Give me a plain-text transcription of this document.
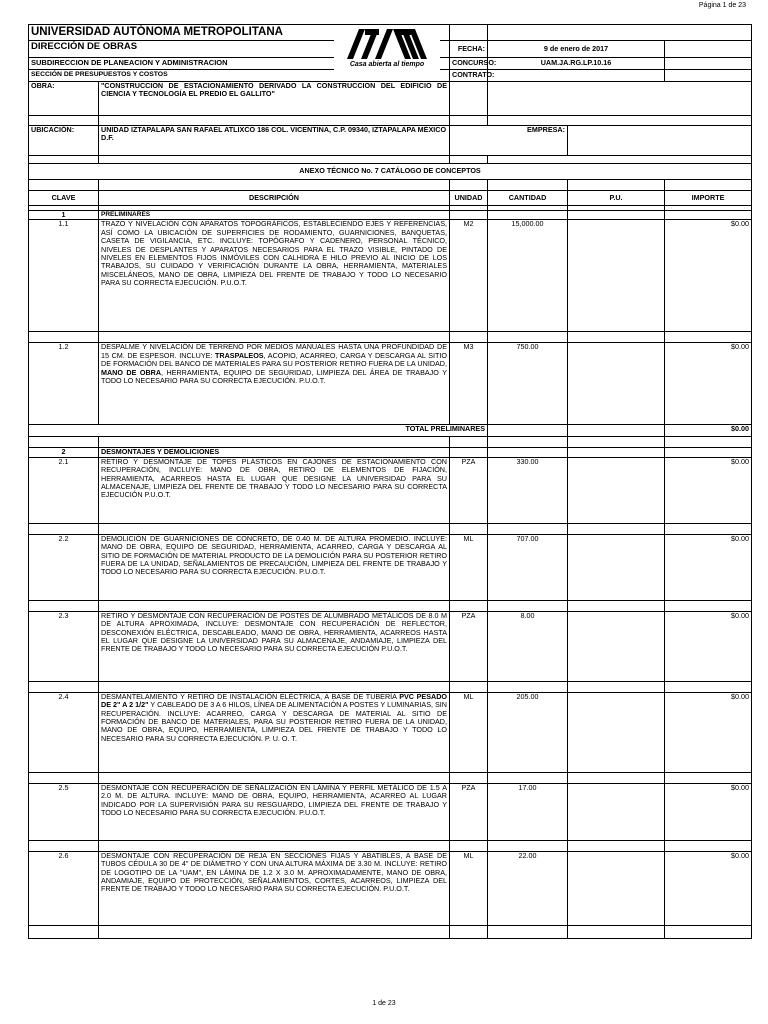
Página 1 de 23
UNIVERSIDAD AUTÓNOMA METROPOLITANA					
DIRECCIÓN DE OBRAS		FECHA:	9 de enero de 2017		
SUBDIRECCION DE PLANEACION Y ADMINISTRACION		CONCURSO:	UAM.JA.RG.LP.10.16		
SECCIÓN DE PRESUPUESTOS Y COSTOS		CONTRATO:			
OBRA:	"CONSTRUCCION DE ESTACIONAMIENTO DERIVADO LA CONSTRUCCION DEL EDIFICIO DE CIENCIA Y TECNOLOGÍA EL PREDIO EL GALLITO"				

UBICACIÓN:	UNIDAD IZTAPALAPA SAN RAFAEL ATLIXCO 186 COL. VICENTINA, C.P. 09340, IZTAPALAPA MÉXICO D.F.	EMPRESA:			

ANEXO TÉCNICO No. 7 CATÁLOGO DE CONCEPTOS					

CLAVE	DESCRIPCIÓN	UNIDAD	CANTIDAD	P.U.	IMPORTE

1	PRELIMINARES				
1.1	TRAZO Y NIVELACIÓN CON APARATOS TOPOGRÁFICOS, ESTABLECIENDO EJES Y REFERENCIAS, ASÍ COMO LA UBICACIÓN DE SUPERFICIES DE RODAMIENTO, GUARNICIONES, BANQUETAS, CASETA DE VIGILANCIA, ETC. INCLUYE: TOPÓGRAFO Y CADENERO, PERSONAL TÉCNICO, NIVELES DE DESPLANTES Y APARATOS NECESARIOS PARA EL TRAZO VISIBLE, PINTADO DE NIVELES EN ELEMENTOS FIJOS INMÓVILES CON CALHIDRA E HILO PREVIO AL INICIO DE LOS TRABAJOS, SU CUIDADO Y VERIFICACIÓN DURANTE LA OBRA, HERRAMIENTA, MATERIALES MISCELÁNEOS, MANO DE OBRA, LIMPIEZA DEL FRENTE DE TRABAJO Y TODO LO NECESARIO PARA SU CORRECTA EJECUCIÓN. P.U.O.T.	M2	15,000.00		$0.00

1.2	DESPALME Y NIVELACIÓN DE TERRENO POR MEDIOS MANUALES HASTA UNA PROFUNDIDAD DE 15 CM. DE ESPESOR. INCLUYE: TRASPALEOS, ACOPIO, ACARREO, CARGA Y DESCARGA AL SITIO DE FORMACIÓN DEL BANCO DE MATERIALES PARA SU POSTERIOR RETIRO FUERA DE LA UNIDAD, MANO DE OBRA, HERRAMIENTA, EQUIPO DE SEGURIDAD, LIMPIEZA DEL ÁREA DE TRABAJO Y TODO LO NECESARIO PARA SU CORRECTA EJECUCIÓN. P.U.O.T.	M3	750.00		$0.00
TOTAL PRELIMINARES					$0.00

2	DESMONTAJES Y DEMOLICIONES				
2.1	RETIRO Y DESMONTAJE DE TOPES PLÁSTICOS EN CAJONES DE ESTACIONAMIENTO CON RECUPERACIÓN, INCLUYE: MANO DE OBRA, RETIRO DE ELEMENTOS DE FIJACIÓN, HERRAMIENTA, ACARREOS HASTA EL LUGAR QUE DESIGNE LA UNIVERSIDAD PARA SU ALMACENAJE, LIMPIEZA DEL FRENTE DE TRABAJO Y TODO LO NECESARIO PARA SU CORRECTA EJECUCIÓN P.U.O.T.	PZA	330.00		$0.00

2.2	DEMOLICIÓN DE GUARNICIONES DE CONCRETO, DE 0.40 M. DE ALTURA PROMEDIO. INCLUYE: MANO DE OBRA, EQUIPO DE SEGURIDAD, HERRAMIENTA, ACARREO, CARGA Y DESCARGA AL SITIO DE FORMACIÓN DE MATERIAL PRODUCTO DE LA DEMOLICIÓN PARA SU POSTERIOR RETIRO FUERA DE LA UNIDAD, SEÑALAMIENTOS DE PRECAUCIÓN, LIMPIEZA DEL FRENTE DE TRABAJO Y TODO LO NECESARIO PARA SU CORRECTA EJECUCIÓN. P.U.O.T.	ML	707.00		$0.00

2.3	RETIRO Y DESMONTAJE CON RECUPERACIÓN DE POSTES DE ALUMBRADO METÁLICOS DE 8.0 M DE ALTURA APROXIMADA, INCLUYE: DESMONTAJE CON RECUPERACIÓN DE REFLECTOR, DESCONEXIÓN ELÉCTRICA, DESCABLEADO, MANO DE OBRA, HERRAMIENTA, ACARREOS HASTA EL LUGAR QUE DESIGNE LA UNIVERSIDAD PARA SU ALMACENAJE, ANDAMIAJE, LIMPIEZA DEL FRENTE DE TRABAJO Y TODO LO NECESARIO PARA SU CORRECTA EJECUCIÓN P.U.O.T.	PZA	8.00		$0.00

2.4	DESMANTELAMIENTO Y RETIRO DE INSTALACIÓN ELÉCTRICA, A BASE DE TUBERÍA PVC PESADO DE 2" A 2 1/2" Y CABLEADO DE 3 A 6 HILOS, LÍNEA DE ALIMENTACIÓN A POSTES Y LUMINARIAS, SIN RECUPERACIÓN. INCLUYE: ACARREO, CARGA Y DESCARGA DE MATERIAL AL SITIO DE FORMACIÓN DE BANCO DE MATERIALES, PARA SU POSTERIOR RETIRO FUERA DE LA UNIDAD, MANO DE OBRA, EQUIPO, HERRAMIENTA, LIMPIEZA DEL FRENTE DE TRABAJO Y TODO LO NECESARIO PARA SU CORRECTA EJECUCIÓN. P. U. O. T.	ML	205.00		$0.00

2.5	DESMONTAJE CON RECUPERACIÓN DE SEÑALIZACIÓN EN LÁMINA Y PERFIL METÁLICO DE 1.5 A 2.0 M. DE ALTURA. INCLUYE: MANO DE OBRA, EQUIPO, HERRAMIENTA, ACARREO AL LUGAR INDICADO POR LA SUPERVISIÓN PARA SU RESGUARDO, LIMPIEZA DEL FRENTE DE TRABAJO Y TODO LO NECESARIO PARA SU CORRECTA EJECUCIÓN. P.U.O.T.	PZA	17.00		$0.00

2.6	DESMONTAJE CON RECUPERACIÓN DE REJA EN SECCIONES FIJAS Y ABATIBLES, A BASE DE TUBOS CÉDULA 30 DE 4" DE DIÁMETRO Y CON UNA ALTURA MÁXIMA DE 3.30 M. INCLUYE: RETIRO DE LOGOTIPO DE LA "UAM", EN LÁMINA DE 1.2 X 3.0 M. APROXIMADAMENTE, MANO DE OBRA, ANDAMIAJE, EQUIPO DE PROTECCIÓN, SEÑALAMIENTOS, CORTES, ACARREOS, LIMPIEZA DEL FRENTE DE TRABAJO Y TODO LO NECESARIO PARA SU CORRECTA EJECUCIÓN. P.U.O.T.	ML	22.00		$0.00

Casa abierta al tiempo
1 de 23
